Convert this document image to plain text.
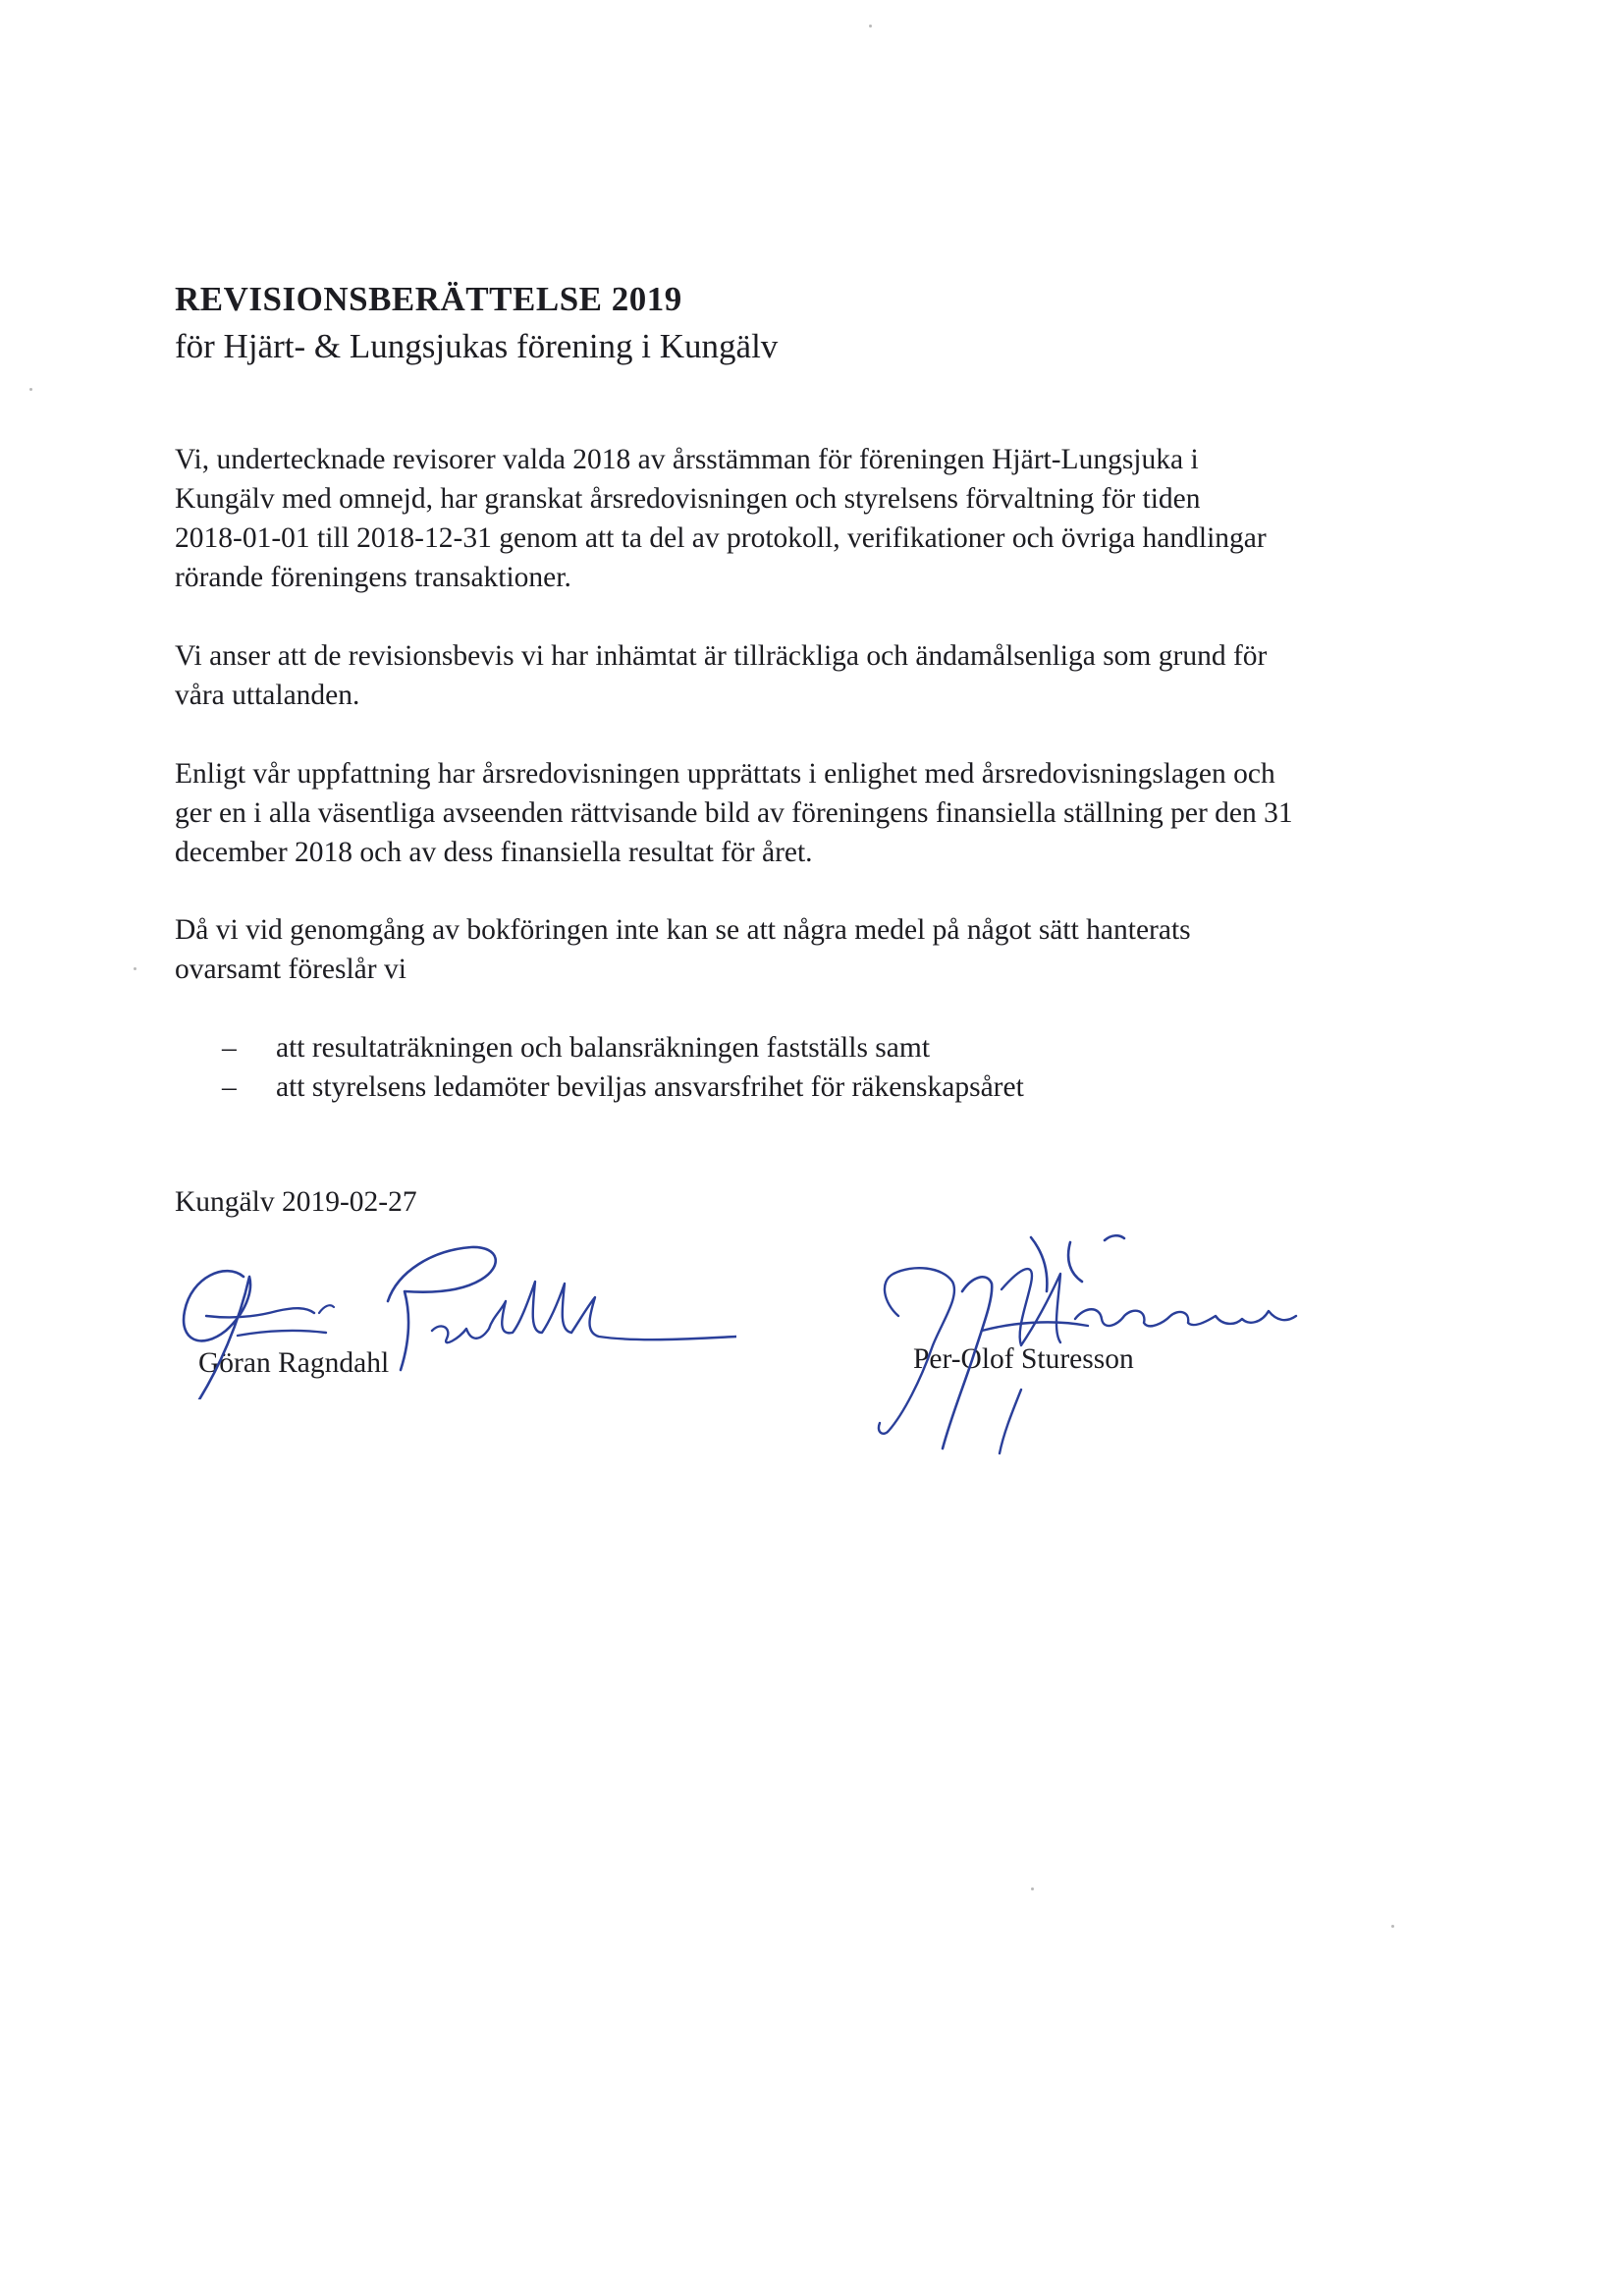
REVISIONSBERÄTTELSE 2019
för Hjärt- & Lungsjukas förening i Kungälv

Vi, undertecknade revisorer valda 2018 av årsstämman för föreningen Hjärt-Lungsjuka i
Kungälv med omnejd, har granskat årsredovisningen och styrelsens förvaltning för tiden
2018-01-01 till 2018-12-31 genom att ta del av protokoll, verifikationer och övriga handlingar
rörande föreningens transaktioner.

Vi anser att de revisionsbevis vi har inhämtat är tillräckliga och ändamålsenliga som grund för
våra uttalanden.

Enligt vår uppfattning har årsredovisningen upprättats i enlighet med årsredovisningslagen och
ger en i alla väsentliga avseenden rättvisande bild av föreningens finansiella ställning per den 31
december 2018 och av dess finansiella resultat för året.

Då vi vid genomgång av bokföringen inte kan se att några medel på något sätt hanterats
ovarsamt föreslår vi

– att resultaträkningen och balansräkningen fastställs samt
– att styrelsens ledamöter beviljas ansvarsfrihet för räkenskapsåret

Kungälv 2019-02-27

Göran Ragndahl	Per-Olof Sturesson
